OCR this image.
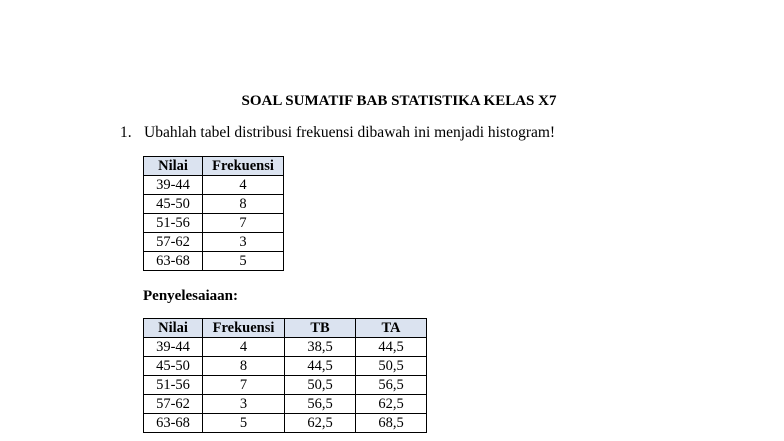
SOAL SUMATIF BAB STATISTIKA KELAS X7
1. Ubahlah tabel distribusi frekuensi dibawah ini menjadi histogram!
Nilai	Frekuensi
39-44	4
45-50	8
51-56	7
57-62	3
63-68	5
Penyelesaiaan:
Nilai	Frekuensi	TB	TA
39-44	4	38,5	44,5
45-50	8	44,5	50,5
51-56	7	50,5	56,5
57-62	3	56,5	62,5
63-68	5	62,5	68,5
